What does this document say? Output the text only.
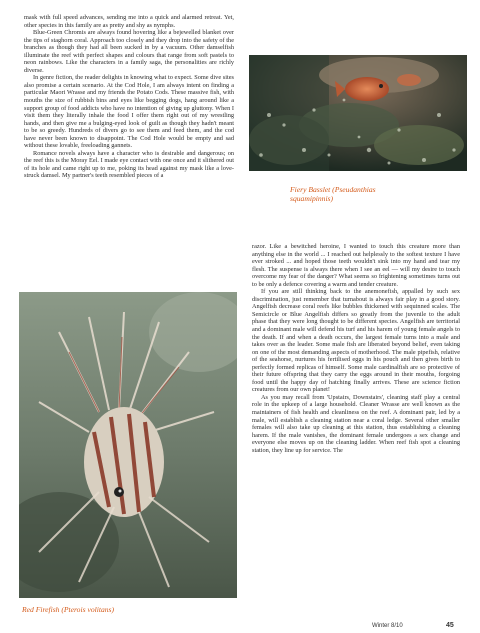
mask with full speed advances, sending me into a quick and alarmed retreat. Yet, other species in this family are as pretty and shy as nymphs.

Blue-Green Chromis are always found hovering like a bejewelled blanket over the tips of staghorn coral. Approach too closely and they drop into the safety of the branches as though they had all been sucked in by a vacuum. Other damselfish illuminate the reef with perfect shapes and colours that range from soft pastels to neon rainbows. Like the characters in a family saga, the personalities are richly diverse.

In genre fiction, the reader delights in knowing what to expect. Some dive sites also promise a certain scenario. At the Cod Hole, I am always intent on finding a particular Maori Wrasse and my friends the Potato Cods. These massive fish, with mouths the size of rubbish bins and eyes like begging dogs, hang around like a support group of food addicts who have no intention of giving up gluttony. When I visit them they literally inhale the food I offer them right out of my wrestling hands, and then give me a bulging-eyed look of guilt as though they hadn't meant to be so greedy. Hundreds of divers go to see them and feed them, and the cod have never been known to disappoint. The Cod Hole would be empty and sad without these lovable, freeloading gannets.

Romance novels always have a character who is desirable and dangerous; on the reef this is the Moray Eel. I made eye contact with one once and it slithered out of its hole and came right up to me, poking its head against my mask like a love-struck damsel. My partner's teeth resembled pieces of a

Fiery Basslet (Pseudanthias squamipinnis)

razor. Like a bewitched heroine, I wanted to touch this creature more than anything else in the world ... I reached out helplessly to the softest texture I have ever stroked ... and hoped those teeth wouldn't sink into my hand and tear my flesh. The suspense is always there when I see an eel — will my desire to touch overcome my fear of the danger? What seems so frightening sometimes turns out to be only a defence covering a warm and tender creature.

If you are still thinking back to the anemonefish, appalled by such sex discrimination, just remember that turnabout is always fair play in a good story. Angelfish decrease coral reefs like bubbles thickened with sequinned scales. The Semicircle or Blue Angelfish differs so greatly from the juvenile to the adult phase that they were long thought to be different species. Angelfish are territorial and a dominant male will defend his turf and his harem of young female angels to the death. If and when a death occurs, the largest female turns into a male and takes over as the leader. Some male fish are liberated beyond belief, even taking on one of the most demanding aspects of motherhood. The male pipefish, relative of the seahorse, nurtures his fertilised eggs in his pouch and then gives birth to perfectly formed replicas of himself. Some male cardinalfish are so protective of their future offspring that they carry the eggs around in their mouths, forgoing food until the happy day of hatching finally arrives. These are science fiction creatures from our own planet!

As you may recall from 'Upstairs, Downstairs', cleaning staff play a central role in the upkeep of a large household. Cleaner Wrasse are well known as the maintainers of fish health and cleanliness on the reef. A dominant pair, led by a male, will establish a cleaning station near a coral ledge. Several other smaller females will also take up cleaning at this station, thus establishing a cleaning harem. If the male vanishes, the dominant female undergoes a sex change and everyone else moves up on the cleaning ladder. When reef fish spot a cleaning station, they line up for service. The

Red Firefish (Pterois volitans)
Winter 8/10	45
